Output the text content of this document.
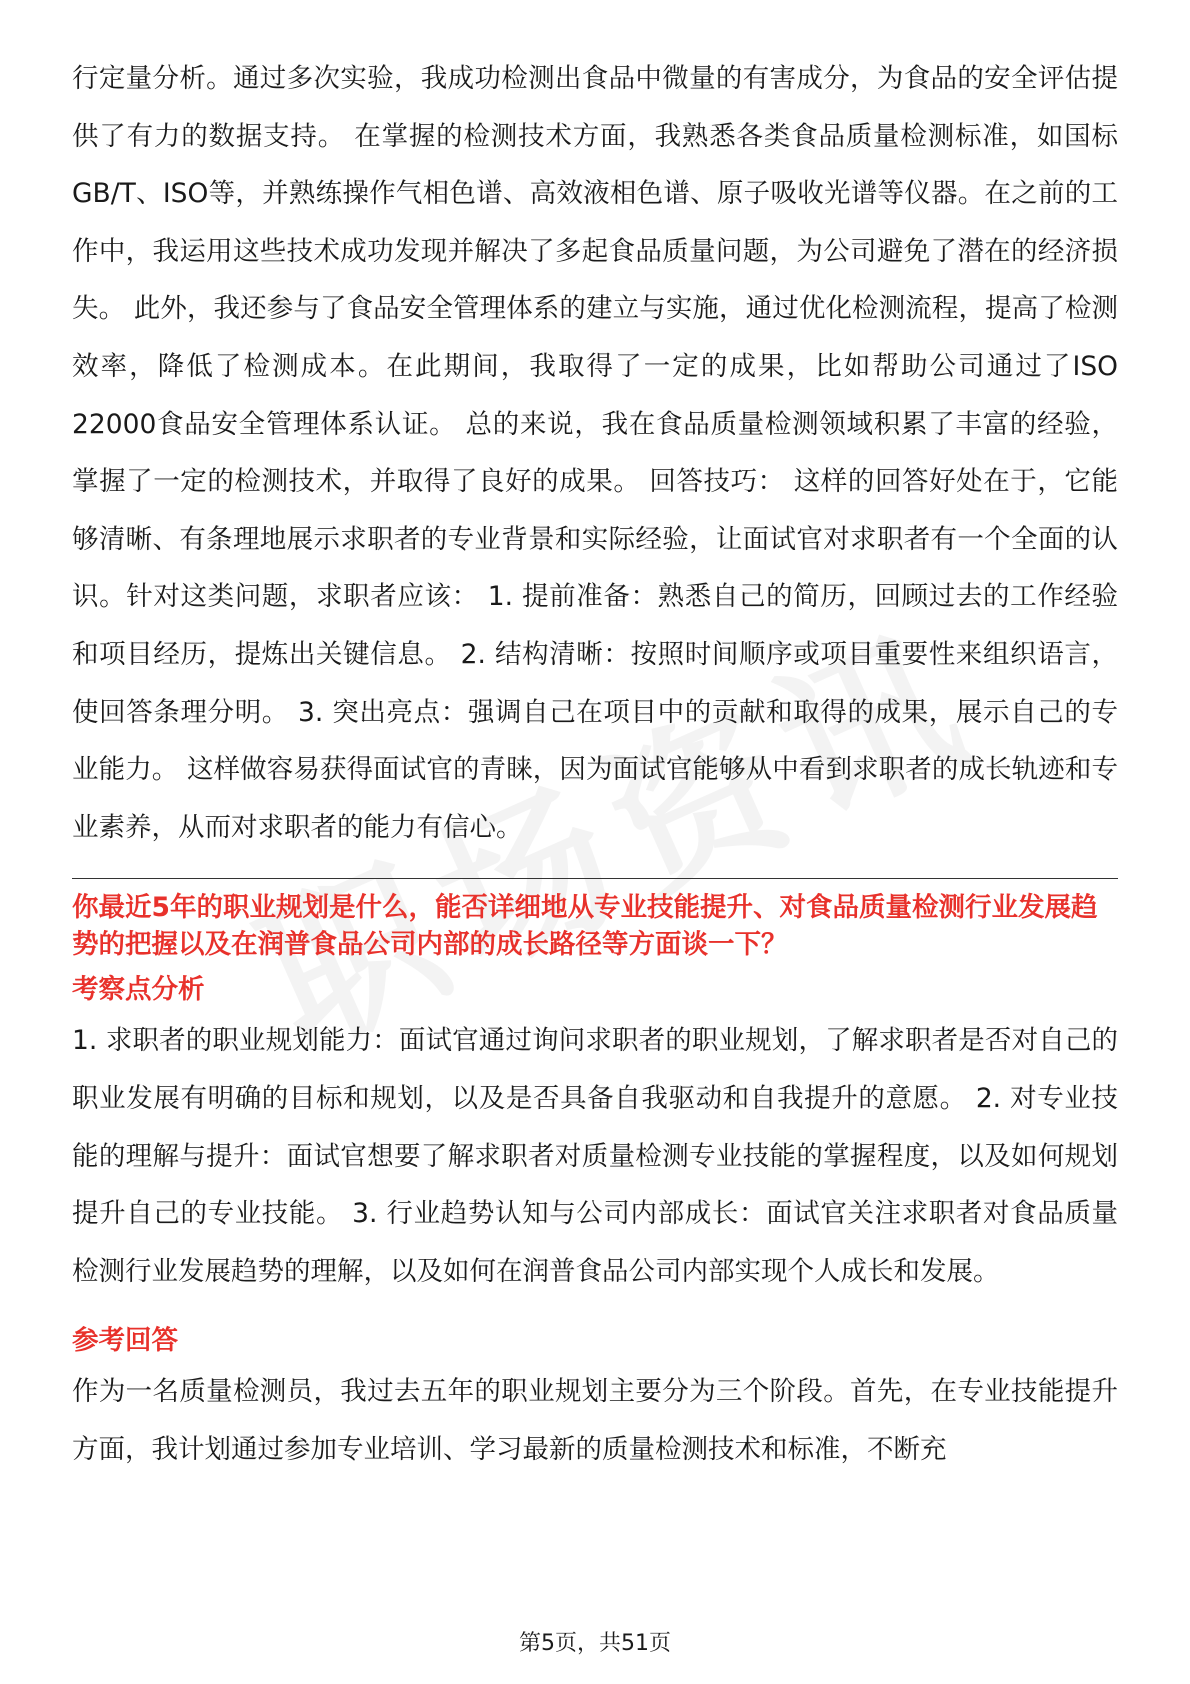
行定量分析。通过多次实验，我成功检测出食品中微量的有害成分，为食品的安全评估提供了有力的数据支持。 在掌握的检测技术方面，我熟悉各类食品质量检测标准，如国标GB/T、ISO等，并熟练操作气相色谱、高效液相色谱、原子吸收光谱等仪器。在之前的工作中，我运用这些技术成功发现并解决了多起食品质量问题，为公司避免了潜在的经济损失。 此外，我还参与了食品安全管理体系的建立与实施，通过优化检测流程，提高了检测效率，降低了检测成本。在此期间，我取得了一定的成果，比如帮助公司通过了ISO 22000食品安全管理体系认证。 总的来说，我在食品质量检测领域积累了丰富的经验，掌握了一定的检测技术，并取得了良好的成果。 回答技巧： 这样的回答好处在于，它能够清晰、有条理地展示求职者的专业背景和实际经验，让面试官对求职者有一个全面的认识。针对这类问题，求职者应该： 1. 提前准备：熟悉自己的简历，回顾过去的工作经验和项目经历，提炼出关键信息。 2. 结构清晰：按照时间顺序或项目重要性来组织语言，使回答条理分明。 3. 突出亮点：强调自己在项目中的贡献和取得的成果，展示自己的专业能力。 这样做容易获得面试官的青睐，因为面试官能够从中看到求职者的成长轨迹和专业素养，从而对求职者的能力有信心。

你最近5年的职业规划是什么，能否详细地从专业技能提升、对食品质量检测行业发展趋势的把握以及在润普食品公司内部的成长路径等方面谈一下？

考察点分析

1. 求职者的职业规划能力：面试官通过询问求职者的职业规划，了解求职者是否对自己的职业发展有明确的目标和规划，以及是否具备自我驱动和自我提升的意愿。 2. 对专业技能的理解与提升：面试官想要了解求职者对质量检测专业技能的掌握程度，以及如何规划提升自己的专业技能。 3. 行业趋势认知与公司内部成长：面试官关注求职者对食品质量检测行业发展趋势的理解，以及如何在润普食品公司内部实现个人成长和发展。

参考回答

作为一名质量检测员，我过去五年的职业规划主要分为三个阶段。首先，在专业技能提升方面，我计划通过参加专业培训、学习最新的质量检测技术和标准，不断充

第5页，共51页
